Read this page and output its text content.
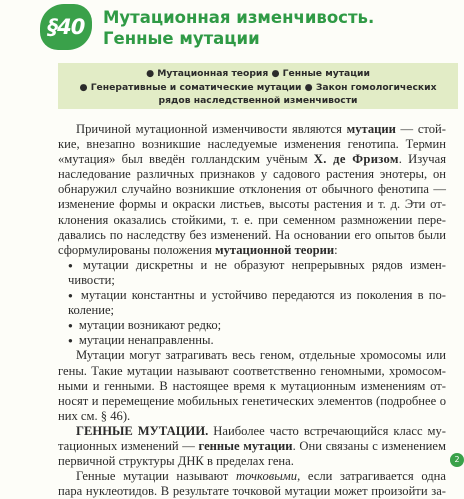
§40	Мутационная изменчивость.
Генные мутации
● Мутационная теория ● Генные мутации
● Генеративные и соматические мутации ● Закон гомологических
рядов наследственной изменчивости
Причиной мутационной изменчивости являются мутации — стой-
кие, внезапно возникшие наследуемые изменения генотипа. Термин
«мутация» был введён голландским учёным Х. де Фризом. Изучая
наследование различных признаков у садового растения энотеры, он
обнаружил случайно возникшие отклонения от обычного фенотипа —
изменение формы и окраски листьев, высоты растения и т. д. Эти от-
клонения оказались стойкими, т. е. при семенном размножении пере-
давались по наследству без изменений. На основании его опытов были
сформулированы положения мутационной теории:
● мутации дискретны и не образуют непрерывных рядов измен-
чивости;
● мутации константны и устойчиво передаются из поколения в по-
коление;
● мутации возникают редко;
● мутации ненаправленны.
Мутации могут затрагивать весь геном, отдельные хромосомы или
гены. Такие мутации называют соответственно геномными, хромосом-
ными и генными. В настоящее время к мутационным изменениям от-
носят и перемещение мобильных генетических элементов (подробнее о
них см. § 46).
ГЕННЫЕ МУТАЦИИ. Наиболее часто встречающийся класс му-
тационных изменений — генные мутации. Они связаны с изменением
первичной структуры ДНК в пределах гена.
Генные мутации называют точковыми, если затрагивается одна
пара нуклеотидов. В результате точковой мутации может произойти за-
2
